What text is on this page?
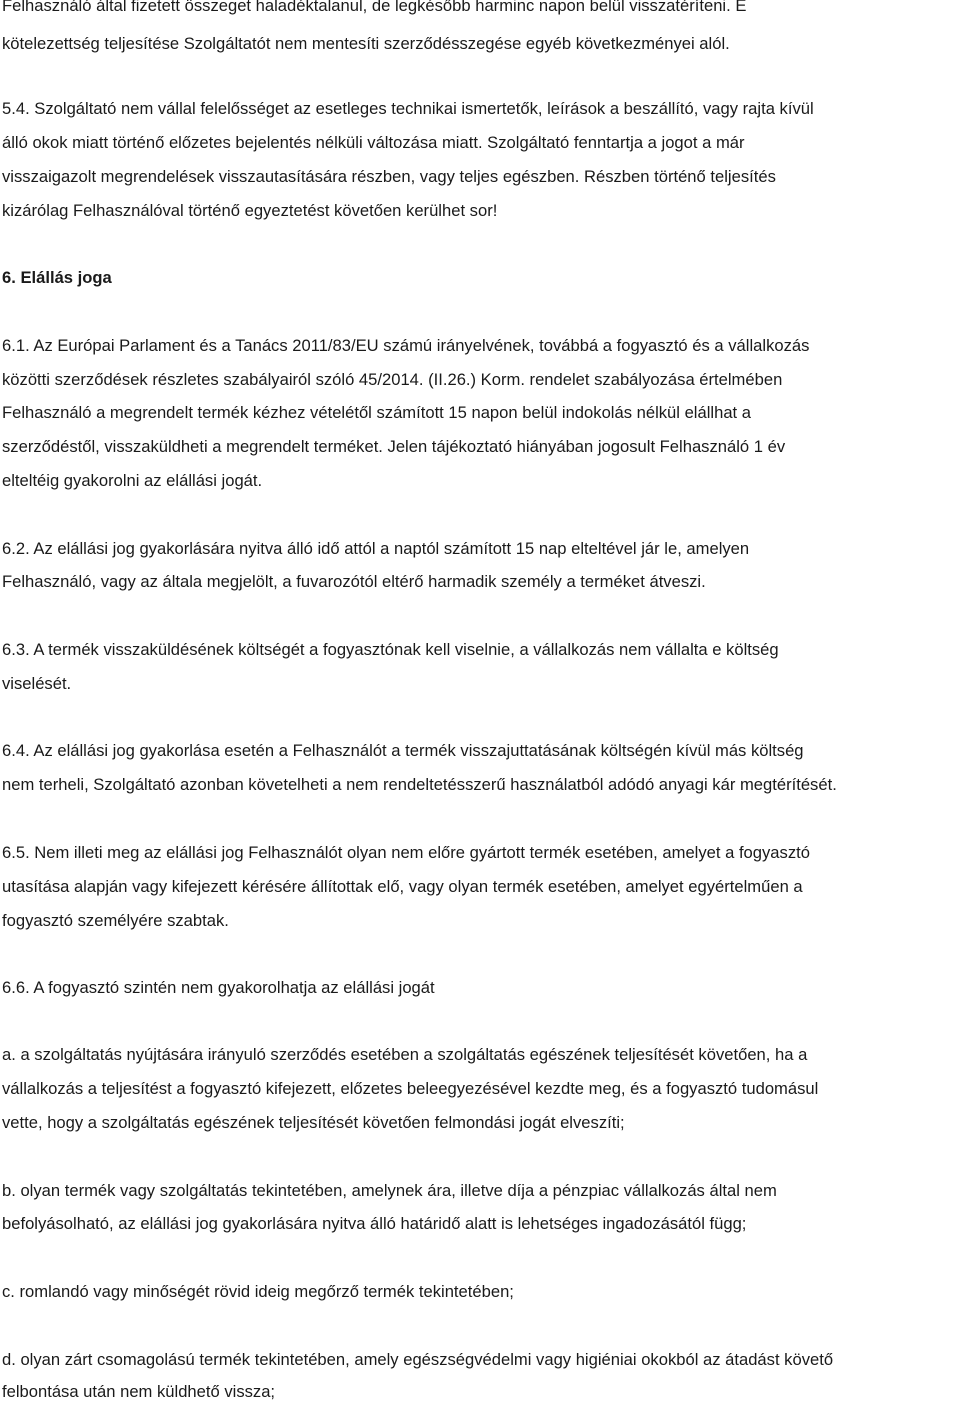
Felhasználó által fizetett összeget haladéktalanul, de legkésőbb harminc napon belül visszatéríteni. E
kötelezettség teljesítése Szolgáltatót nem mentesíti szerződésszegése egyéb következményei alól.
5.4. Szolgáltató nem vállal felelősséget az esetleges technikai ismertetők, leírások a beszállító, vagy rajta kívül
álló okok miatt történő előzetes bejelentés nélküli változása miatt. Szolgáltató fenntartja a jogot a már
visszaigazolt megrendelések visszautasítására részben, vagy teljes egészben. Részben történő teljesítés
kizárólag Felhasználóval történő egyeztetést követően kerülhet sor!
6. Elállás joga
6.1. Az Európai Parlament és a Tanács 2011/83/EU számú irányelvének, továbbá a fogyasztó és a vállalkozás
közötti szerződések részletes szabályairól szóló 45/2014. (II.26.) Korm. rendelet szabályozása értelmében
Felhasználó a megrendelt termék kézhez vételétől számított 15 napon belül indokolás nélkül elállhat a
szerződéstől, visszaküldheti a megrendelt terméket. Jelen tájékoztató hiányában jogosult Felhasználó 1 év
elteltéig gyakorolni az elállási jogát.
6.2. Az elállási jog gyakorlására nyitva álló idő attól a naptól számított 15 nap elteltével jár le, amelyen
Felhasználó, vagy az általa megjelölt, a fuvarozótól eltérő harmadik személy a terméket átveszi.
6.3. A termék visszaküldésének költségét a fogyasztónak kell viselnie, a vállalkozás nem vállalta e költség
viselését.
6.4. Az elállási jog gyakorlása esetén a Felhasználót a termék visszajuttatásának költségén kívül más költség
nem terheli, Szolgáltató azonban követelheti a nem rendeltetésszerű használatból adódó anyagi kár megtérítését.
6.5. Nem illeti meg az elállási jog Felhasználót olyan nem előre gyártott termék esetében, amelyet a fogyasztó
utasítása alapján vagy kifejezett kérésére állítottak elő, vagy olyan termék esetében, amelyet egyértelműen a
fogyasztó személyére szabtak.
6.6. A fogyasztó szintén nem gyakorolhatja az elállási jogát
a. a szolgáltatás nyújtására irányuló szerződés esetében a szolgáltatás egészének teljesítését követően, ha a
vállalkozás a teljesítést a fogyasztó kifejezett, előzetes beleegyezésével kezdte meg, és a fogyasztó tudomásul
vette, hogy a szolgáltatás egészének teljesítését követően felmondási jogát elveszíti;
b. olyan termék vagy szolgáltatás tekintetében, amelynek ára, illetve díja a pénzpiac vállalkozás által nem
befolyásolható, az elállási jog gyakorlására nyitva álló határidő alatt is lehetséges ingadozásától függ;
c. romlandó vagy minőségét rövid ideig megőrző termék tekintetében;
d. olyan zárt csomagolású termék tekintetében, amely egészségvédelmi vagy higiéniai okokból az átadást követő
felbontása után nem küldhető vissza;
